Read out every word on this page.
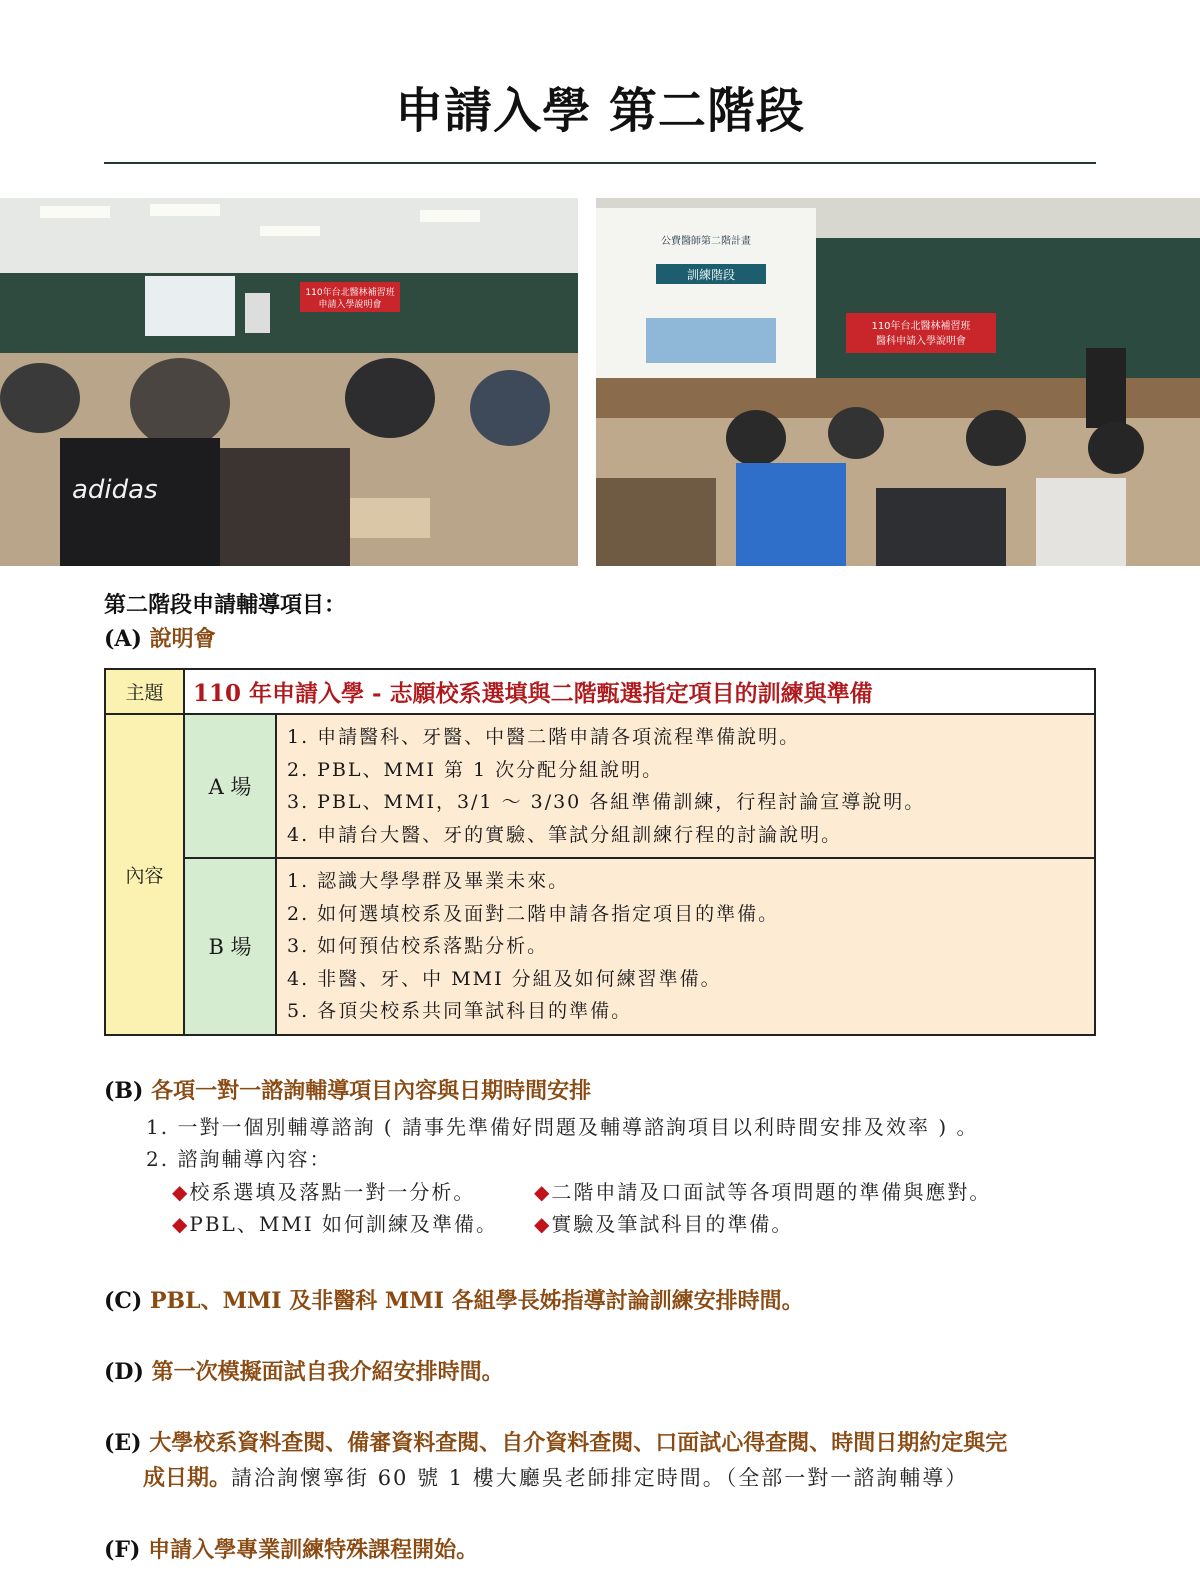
申請入學 第二階段
110年台北醫林補習班
申請入學說明會
adidas
公費醫師第二階計畫
訓練階段
110年台北醫林補習班
醫科申請入學說明會
第二階段申請輔導項目：
(A) 說明會
主題	110 年申請入學 - 志願校系選填與二階甄選指定項目的訓練與準備	
內容	A 場	1. 申請醫科、牙醫、中醫二階申請各項流程準備說明。
2. PBL、MMI 第 1 次分配分組說明。
3. PBL、MMI，3/1 ～ 3/30 各組準備訓練，行程討論宣導說明。
4. 申請台大醫、牙的實驗、筆試分組訓練行程的討論說明。

	B 場	1. 認識大學學群及畢業未來。
2. 如何選填校系及面對二階申請各指定項目的準備。
3. 如何預估校系落點分析。
4. 非醫、牙、中 MMI 分組及如何練習準備。
5. 各頂尖校系共同筆試科目的準備。
(B) 各項一對一諮詢輔導項目內容與日期時間安排
1. 一對一個別輔導諮詢 ( 請事先準備好問題及輔導諮詢項目以利時間安排及效率 ) 。
2. 諮詢輔導內容：
◆校系選填及落點一對一分析。	◆二階申請及口面試等各項問題的準備與應對。
◆PBL、MMI 如何訓練及準備。 ◆實驗及筆試科目的準備。
(C) PBL、MMI 及非醫科 MMI 各組學長姊指導討論訓練安排時間。
(D) 第一次模擬面試自我介紹安排時間。
(E) 大學校系資料查閱、備審資料查閱、自介資料查閱、口面試心得查閱、時間日期約定與完
成日期。請洽詢懷寧街 60 號 1 樓大廳吳老師排定時間。（全部一對一諮詢輔導）
(F) 申請入學專業訓練特殊課程開始。
